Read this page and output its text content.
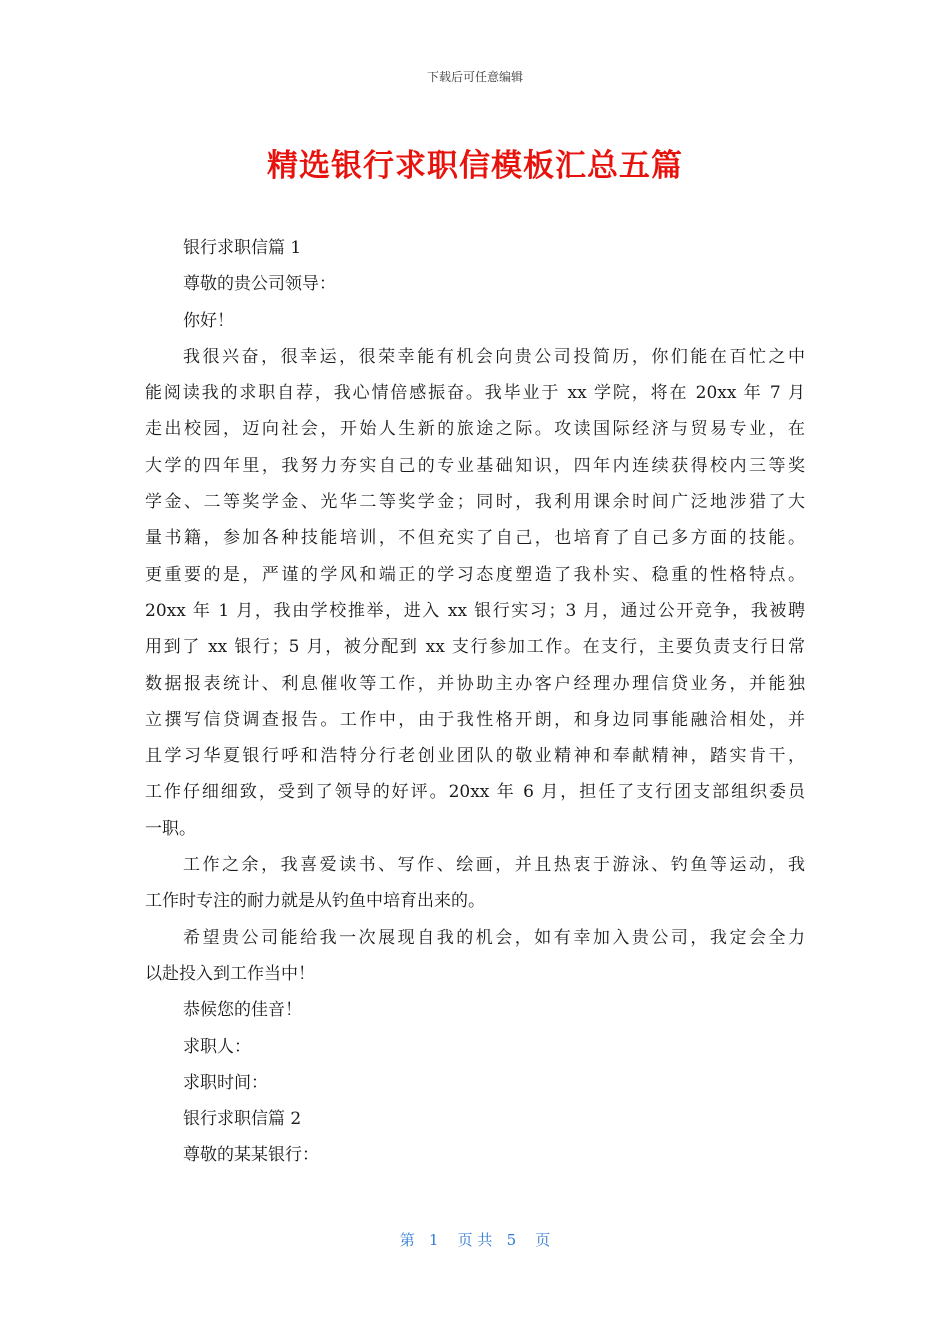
下载后可任意编辑
精选银行求职信模板汇总五篇

银行求职信篇 1

尊敬的贵公司领导：

你好！

我很兴奋，很幸运，很荣幸能有机会向贵公司投简历，你们能在百忙之中

能阅读我的求职自荐，我心情倍感振奋。我毕业于 xx 学院，将在 20xx 年 7 月

走出校园，迈向社会，开始人生新的旅途之际。攻读国际经济与贸易专业，在

大学的四年里，我努力夯实自己的专业基础知识，四年内连续获得校内三等奖

学金、二等奖学金、光华二等奖学金；同时，我利用课余时间广泛地涉猎了大

量书籍，参加各种技能培训，不但充实了自己，也培育了自己多方面的技能。

更重要的是，严谨的学风和端正的学习态度塑造了我朴实、稳重的性格特点。

20xx 年 1 月，我由学校推举，进入 xx 银行实习；3 月，通过公开竞争，我被聘

用到了 xx 银行；5 月，被分配到 xx 支行参加工作。在支行，主要负责支行日常

数据报表统计、利息催收等工作，并协助主办客户经理办理信贷业务，并能独

立撰写信贷调查报告。工作中，由于我性格开朗，和身边同事能融洽相处，并

且学习华夏银行呼和浩特分行老创业团队的敬业精神和奉献精神，踏实肯干，

工作仔细细致，受到了领导的好评。20xx 年 6 月，担任了支行团支部组织委员

一职。

工作之余，我喜爱读书、写作、绘画，并且热衷于游泳、钓鱼等运动，我

工作时专注的耐力就是从钓鱼中培育出来的。

希望贵公司能给我一次展现自我的机会，如有幸加入贵公司，我定会全力

以赴投入到工作当中！

恭候您的佳音！

求职人：

求职时间：

银行求职信篇 2

尊敬的某某银行：

第   1    页 共   5    页
